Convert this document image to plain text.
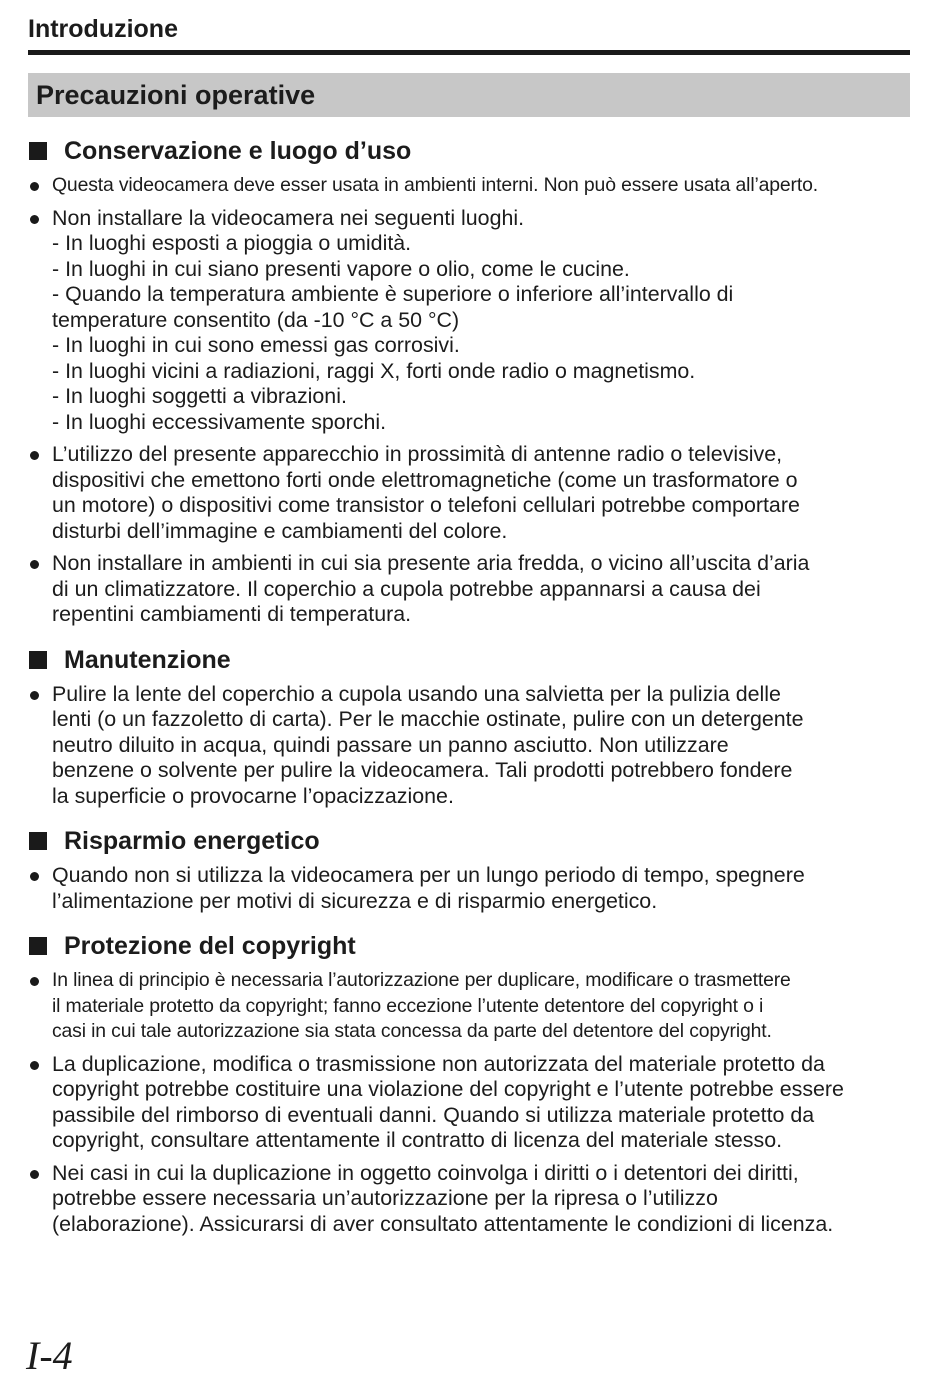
Introduzione
Precauzioni operative
Conservazione e luogo d’uso
Questa videocamera deve esser usata in ambienti interni. Non può essere usata all’aperto.
Non installare la videocamera nei seguenti luoghi.
- In luoghi esposti a pioggia o umidità.
- In luoghi in cui siano presenti vapore o olio, come le cucine.
- Quando la temperatura ambiente è superiore o inferiore all’intervallo di
temperature consentito (da -10 °C a 50 °C)
- In luoghi in cui sono emessi gas corrosivi.
- In luoghi vicini a radiazioni, raggi X, forti onde radio o magnetismo.
- In luoghi soggetti a vibrazioni.
- In luoghi eccessivamente sporchi.
L’utilizzo del presente apparecchio in prossimità di antenne radio o televisive,
dispositivi che emettono forti onde elettromagnetiche (come un trasformatore o
un motore) o dispositivi come transistor o telefoni cellulari potrebbe comportare
disturbi dell’immagine e cambiamenti del colore.
Non installare in ambienti in cui sia presente aria fredda, o vicino all’uscita d’aria
di un climatizzatore. Il coperchio a cupola potrebbe appannarsi a causa dei
repentini cambiamenti di temperatura.
Manutenzione
Pulire la lente del coperchio a cupola usando una salvietta per la pulizia delle
lenti (o un fazzoletto di carta). Per le macchie ostinate, pulire con un detergente
neutro diluito in acqua, quindi passare un panno asciutto. Non utilizzare
benzene o solvente per pulire la videocamera. Tali prodotti potrebbero fondere
la superficie o provocarne l’opacizzazione.
Risparmio energetico
Quando non si utilizza la videocamera per un lungo periodo di tempo, spegnere
l’alimentazione per motivi di sicurezza e di risparmio energetico.
Protezione del copyright
In linea di principio è necessaria l’autorizzazione per duplicare, modificare o trasmettere
il materiale protetto da copyright; fanno eccezione l’utente detentore del copyright o i
casi in cui tale autorizzazione sia stata concessa da parte del detentore del copyright.
La duplicazione, modifica o trasmissione non autorizzata del materiale protetto da
copyright potrebbe costituire una violazione del copyright e l’utente potrebbe essere
passibile del rimborso di eventuali danni. Quando si utilizza materiale protetto da
copyright, consultare attentamente il contratto di licenza del materiale stesso.
Nei casi in cui la duplicazione in oggetto coinvolga i diritti o i detentori dei diritti,
potrebbe essere necessaria un’autorizzazione per la ripresa o l’utilizzo
(elaborazione). Assicurarsi di aver consultato attentamente le condizioni di licenza.
I-4
